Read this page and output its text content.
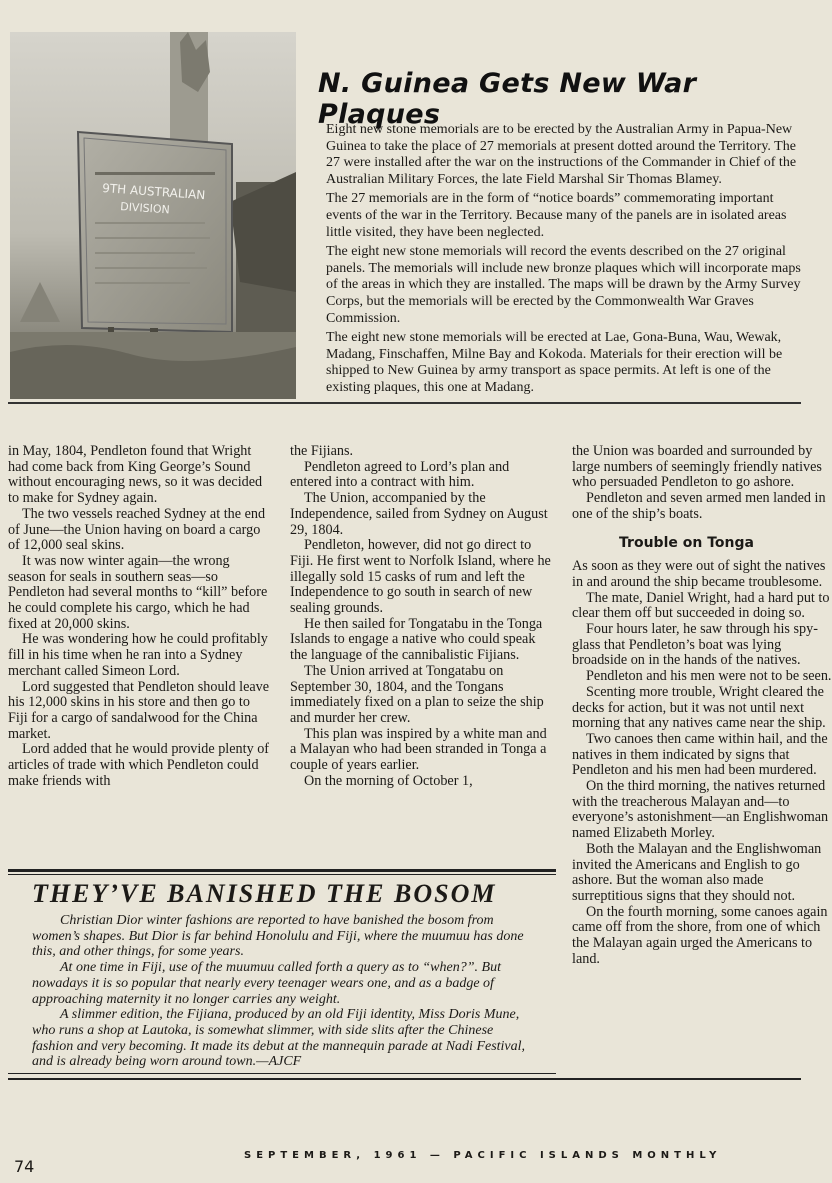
9TH AUSTRALIAN
DIVISION
N. Guinea Gets New War Plaques

Eight new stone memorials are to be erected by the Australian Army in Papua-New Guinea to take the place of 27 memorials at present dotted around the Territory. The 27 were installed after the war on the instructions of the Commander in Chief of the Australian Military Forces, the late Field Marshal Sir Thomas Blamey.

The 27 memorials are in the form of “notice boards” commemorating important events of the war in the Territory. Because many of the panels are in isolated areas little visited, they have been neglected.

The eight new stone memorials will record the events described on the 27 original panels. The memorials will include new bronze plaques which will incorporate maps of the areas in which they are installed. The maps will be drawn by the Army Survey Corps, but the memorials will be erected by the Commonwealth War Graves Commission.

The eight new stone memorials will be erected at Lae, Gona-Buna, Wau, Wewak, Madang, Finschaffen, Milne Bay and Kokoda. Materials for their erection will be shipped to New Guinea by army transport as space permits. At left is one of the existing plaques, this one at Madang.

in May, 1804, Pendleton found that Wright had come back from King George’s Sound without encouraging news, so it was decided to make for Sydney again.

The two vessels reached Sydney at the end of June—the Union having on board a cargo of 12,000 seal skins.

It was now winter again—the wrong season for seals in southern seas—so Pendleton had several months to “kill” before he could complete his cargo, which he had fixed at 20,000 skins.

He was wondering how he could profitably fill in his time when he ran into a Sydney merchant called Simeon Lord.

Lord suggested that Pendleton should leave his 12,000 skins in his store and then go to Fiji for a cargo of sandalwood for the China market.

Lord added that he would provide plenty of articles of trade with which Pendleton could make friends with

the Fijians.

Pendleton agreed to Lord’s plan and entered into a contract with him.

The Union, accompanied by the Independence, sailed from Sydney on August 29, 1804.

Pendleton, however, did not go direct to Fiji. He first went to Norfolk Island, where he illegally sold 15 casks of rum and left the Independence to go south in search of new sealing grounds.

He then sailed for Tongatabu in the Tonga Islands to engage a native who could speak the language of the cannibalistic Fijians.

The Union arrived at Tongatabu on September 30, 1804, and the Tongans immediately fixed on a plan to seize the ship and murder her crew.

This plan was inspired by a white man and a Malayan who had been stranded in Tonga a couple of years earlier.

On the morning of October 1,

the Union was boarded and surrounded by large numbers of seemingly friendly natives who persuaded Pendleton to go ashore.

Pendleton and seven armed men landed in one of the ship’s boats.

Trouble on Tonga

As soon as they were out of sight the natives in and around the ship became troublesome.

The mate, Daniel Wright, had a hard put to clear them off but succeeded in doing so.

Four hours later, he saw through his spy-glass that Pendleton’s boat was lying broadside on in the hands of the natives.

Pendleton and his men were not to be seen.

Scenting more trouble, Wright cleared the decks for action, but it was not until next morning that any natives came near the ship.

Two canoes then came within hail, and the natives in them indicated by signs that Pendleton and his men had been murdered.

On the third morning, the natives returned with the treacherous Malayan and—to everyone’s astonishment—an Englishwoman named Elizabeth Morley.

Both the Malayan and the Englishwoman invited the Americans and English to go ashore. But the woman also made surreptitious signs that they should not.

On the fourth morning, some canoes again came off from the shore, from one of which the Malayan again urged the Americans to land.

THEY’VE BANISHED THE BOSOM

Christian Dior winter fashions are reported to have banished the bosom from women’s shapes. But Dior is far behind Honolulu and Fiji, where the muumuu has done this, and other things, for some years.

At one time in Fiji, use of the muumuu called forth a query as to “when?”. But nowadays it is so popular that nearly every teenager wears one, and as a badge of approaching maternity it no longer carries any weight.

A slimmer edition, the Fijiana, produced by an old Fiji identity, Miss Doris Mune, who runs a shop at Lautoka, is somewhat slimmer, with side slits after the Chinese fashion and very becoming. It made its debut at the mannequin parade at Nadi Festival, and is already being worn around town.—AJCF

74
SEPTEMBER, 1961 — PACIFIC ISLANDS MONTHLY
